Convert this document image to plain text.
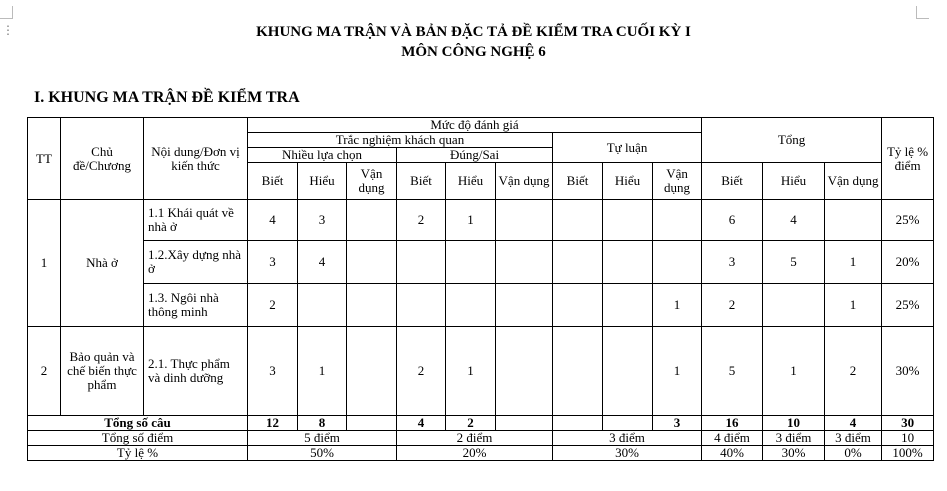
⋮	KHUNG MA TRẬN VÀ BẢN ĐẶC TẢ ĐỀ KIỂM TRA CUỐI KỲ I
MÔN CÔNG NGHỆ 6
I. KHUNG MA TRẬN ĐỀ KIỂM TRA
TT	Chủ đề/Chương	Nội dung/Đơn vị kiến thức	Mức độ đánh giá									Tổng			Tỷ lệ % điểm
			Trắc nghiệm khách quan						Tự luận						
			Nhiều lựa chọn			Đúng/Sai									
			Biết	Hiểu	Vận dụng	Biết	Hiểu	Vận dụng	Biết	Hiểu	Vận dụng	Biết	Hiểu	Vận dụng	
1	Nhà ở	1.1 Khái quát về nhà ở	4	3		2	1					6	4		25%
		1.2.Xây dựng nhà ở	3	4								3	5	1	20%
		1.3. Ngôi nhà thông minh	2								1	2		1	25%
2	Bảo quản và chế biến thực phẩm	2.1. Thực phẩm và dinh dưỡng	3	1		2	1				1	5	1	2	30%
Tổng số câu			12	8		4	2				3	16	10	4	30
Tổng số điểm			5 điểm			2 điểm			3 điểm			4 điểm	3 điểm	3 điểm	10
Tỷ lệ %			50%			20%			30%			40%	30%	0%	100%
